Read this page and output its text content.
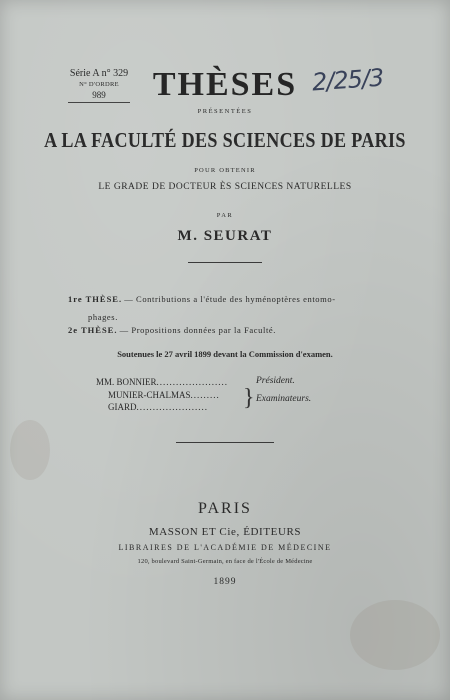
Série A n° 329
N° D'ORDRE
989	2/25/3
THÈSES
PRÉSENTÉES
A LA FACULTÉ DES SCIENCES DE PARIS
POUR OBTENIR
LE GRADE DE DOCTEUR ÈS SCIENCES NATURELLES
PAR
M. SEURAT
1re THÈSE. — Contributions a l'étude des hyménoptères entomo-
phages.
2e THÈSE. — Propositions données par la Faculté.
Soutenues le 27 avril 1899 devant la Commission d'examen.
MM. BONNIER......................
MUNIER-CHALMAS.........
GIARD......................
Président.
} Examinateurs.
PARIS
MASSON ET Cie, ÉDITEURS
LIBRAIRES DE L'ACADÉMIE DE MÉDECINE
120, boulevard Saint-Germain, en face de l'École de Médecine
1899
